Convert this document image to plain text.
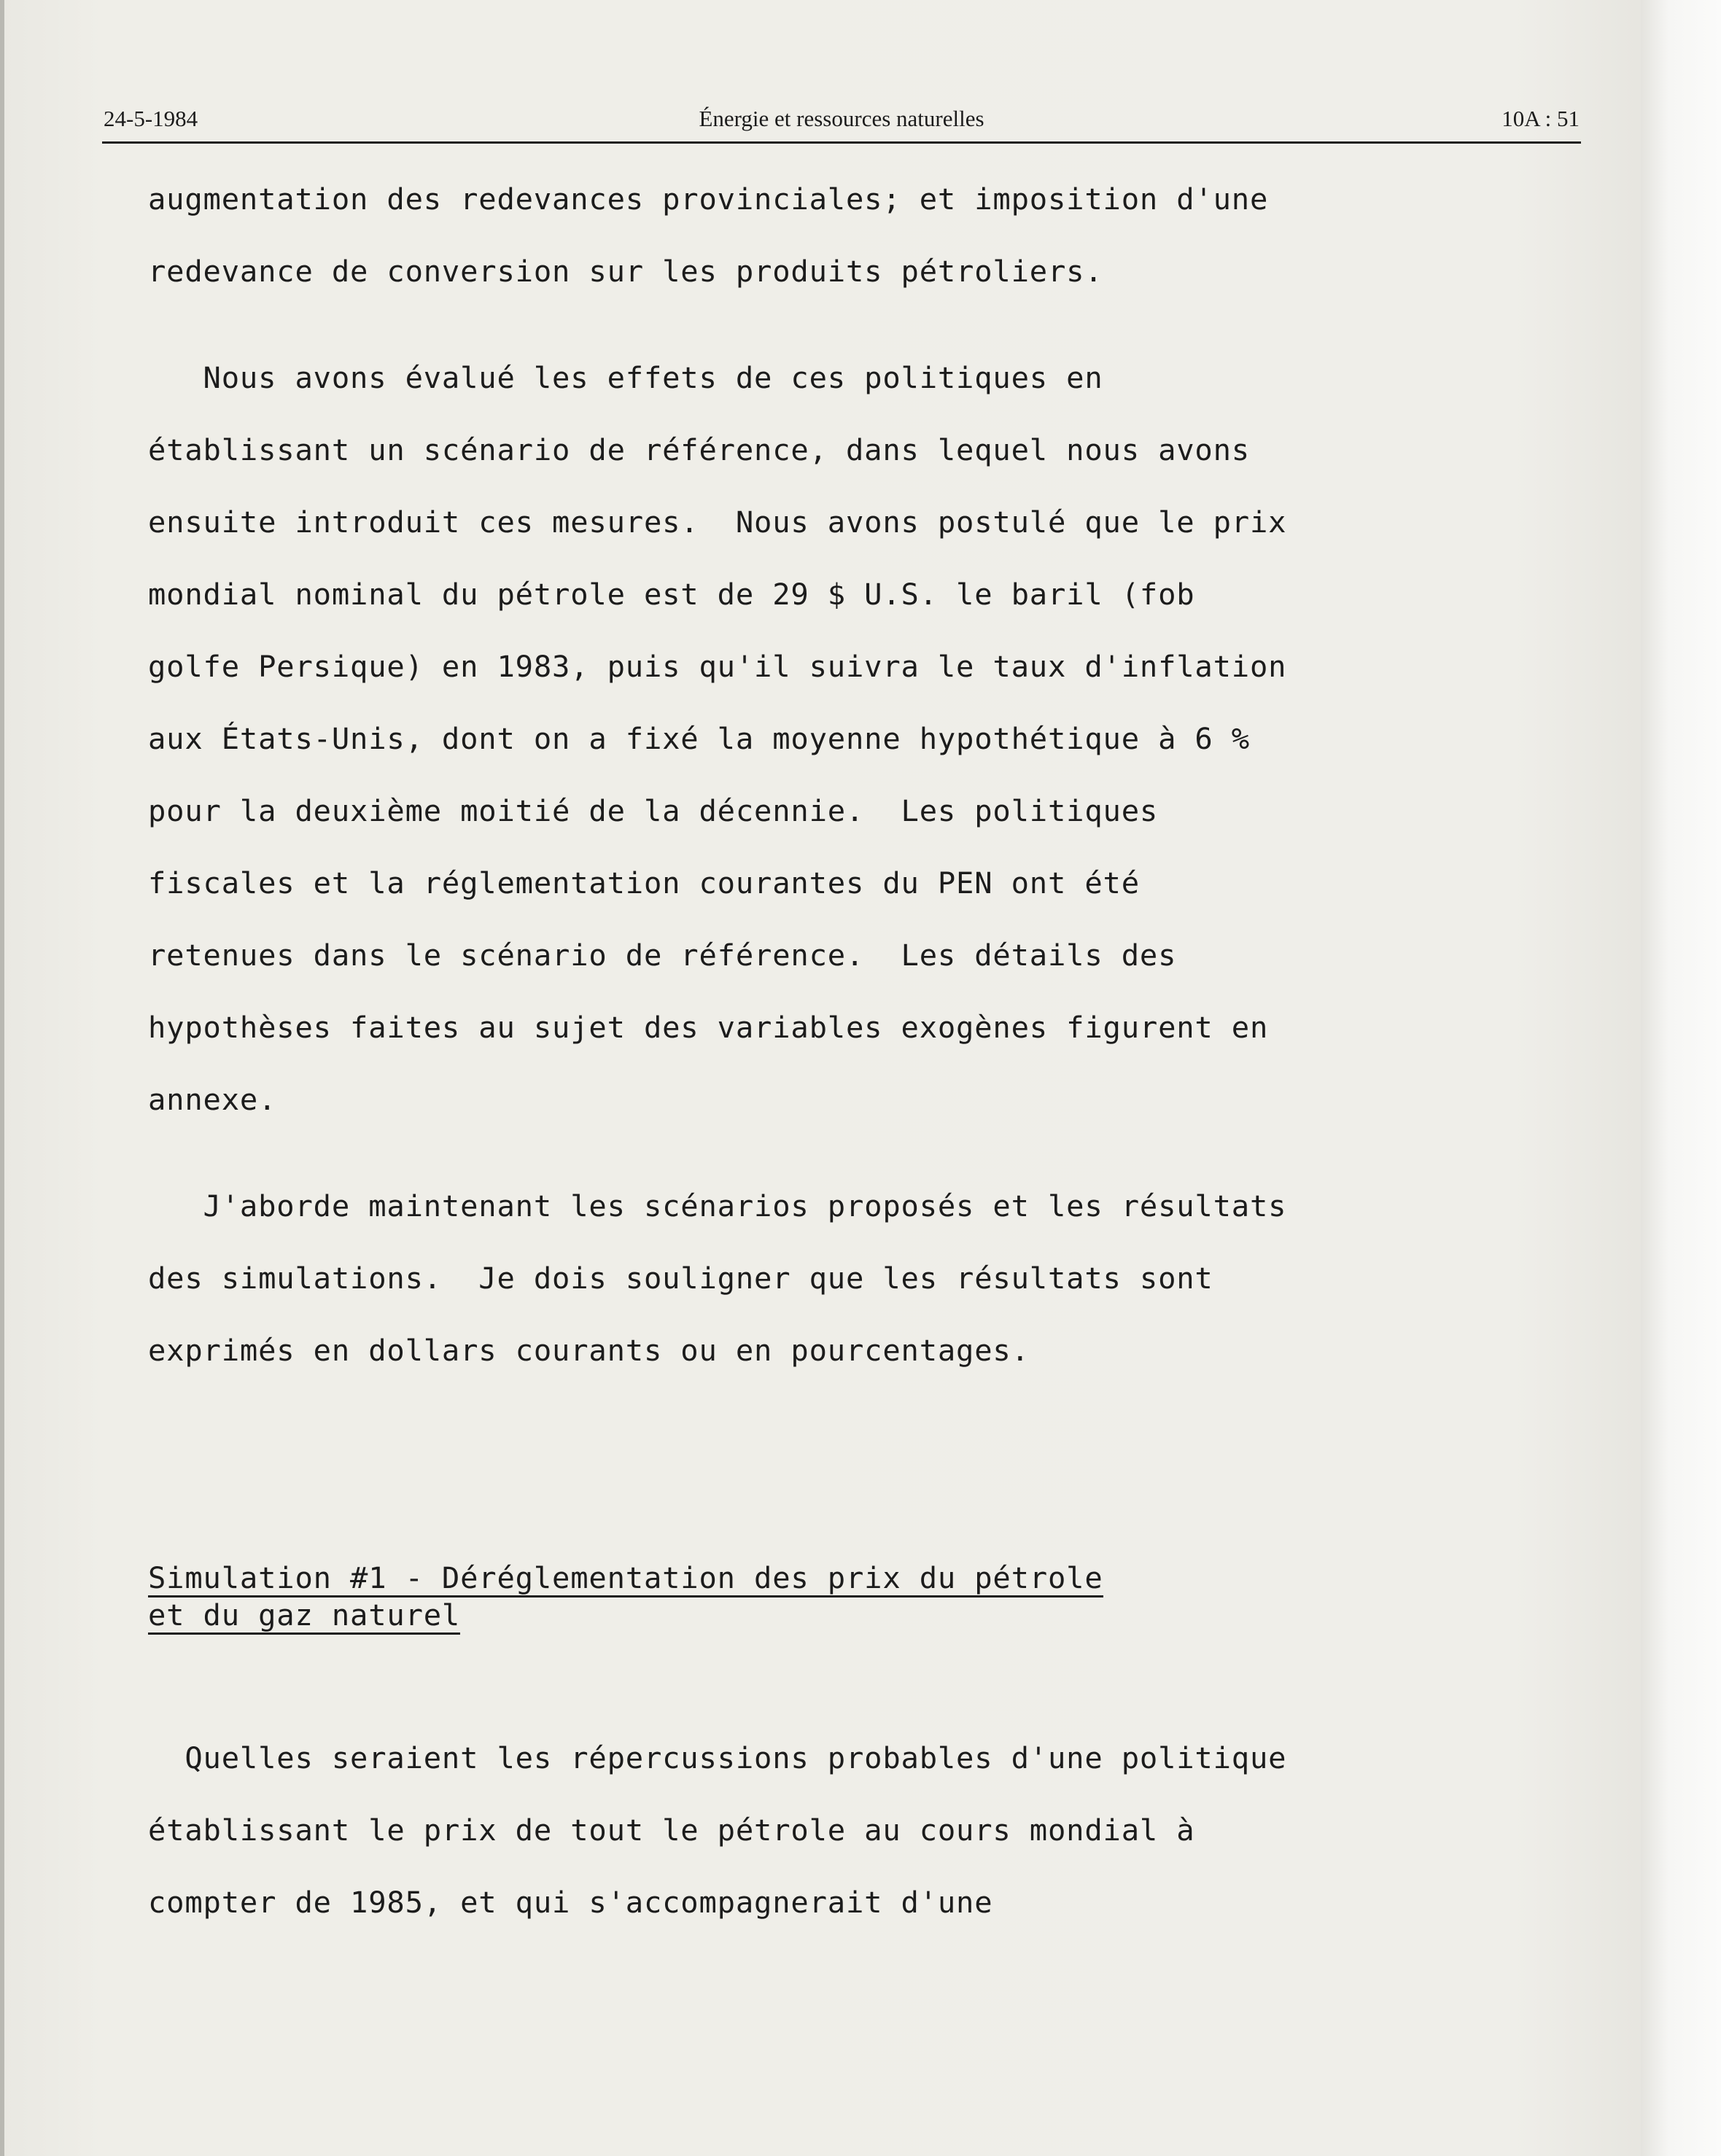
24-5-1984	Énergie et ressources naturelles	10A : 51
augmentation des redevances provinciales; et imposition d'une
redevance de conversion sur les produits pétroliers.
Nous avons évalué les effets de ces politiques en
établissant un scénario de référence, dans lequel nous avons
ensuite introduit ces mesures.  Nous avons postulé que le prix
mondial nominal du pétrole est de 29 $ U.S. le baril (fob
golfe Persique) en 1983, puis qu'il suivra le taux d'inflation
aux États-Unis, dont on a fixé la moyenne hypothétique à 6 %
pour la deuxième moitié de la décennie.  Les politiques
fiscales et la réglementation courantes du PEN ont été
retenues dans le scénario de référence.  Les détails des
hypothèses faites au sujet des variables exogènes figurent en
annexe.
J'aborde maintenant les scénarios proposés et les résultats
des simulations.  Je dois souligner que les résultats sont
exprimés en dollars courants ou en pourcentages.
Simulation #1 - Déréglementation des prix du pétrole
et du gaz naturel
Quelles seraient les répercussions probables d'une politique
établissant le prix de tout le pétrole au cours mondial à
compter de 1985, et qui s'accompagnerait d'une
